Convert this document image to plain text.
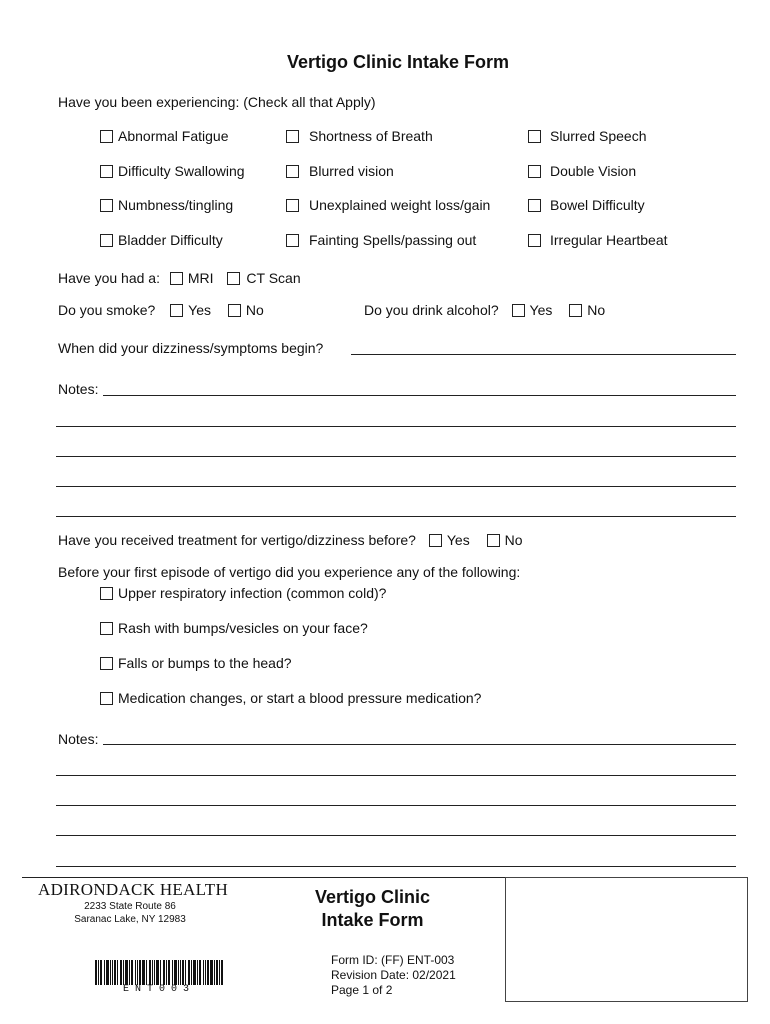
Vertigo Clinic Intake Form
Have you been experiencing: (Check all that Apply)
Abnormal Fatigue	Shortness of Breath	Slurred Speech
Difficulty Swallowing	Blurred vision	Double Vision
Numbness/tingling	Unexplained weight loss/gain	Bowel Difficulty
Bladder Difficulty	Fainting Spells/passing out	Irregular Heartbeat
Have you had a: MRI CT Scan
Do you smoke? Yes No	Do you drink alcohol? Yes No
When did your dizziness/symptoms begin?
Notes:
Have you received treatment for vertigo/dizziness before? Yes No
Before your first episode of vertigo did you experience any of the following:
Upper respiratory infection (common cold)?
Rash with bumps/vesicles on your face?
Falls or bumps to the head?
Medication changes, or start a blood pressure medication?
Notes:
ADIRONDACK HEALTH
2233 State Route 86
Saranac Lake, NY 12983
Vertigo Clinic
Intake Form
Form ID: (FF) ENT-003
Revision Date: 02/2021
Page 1 of 2
ENT003
